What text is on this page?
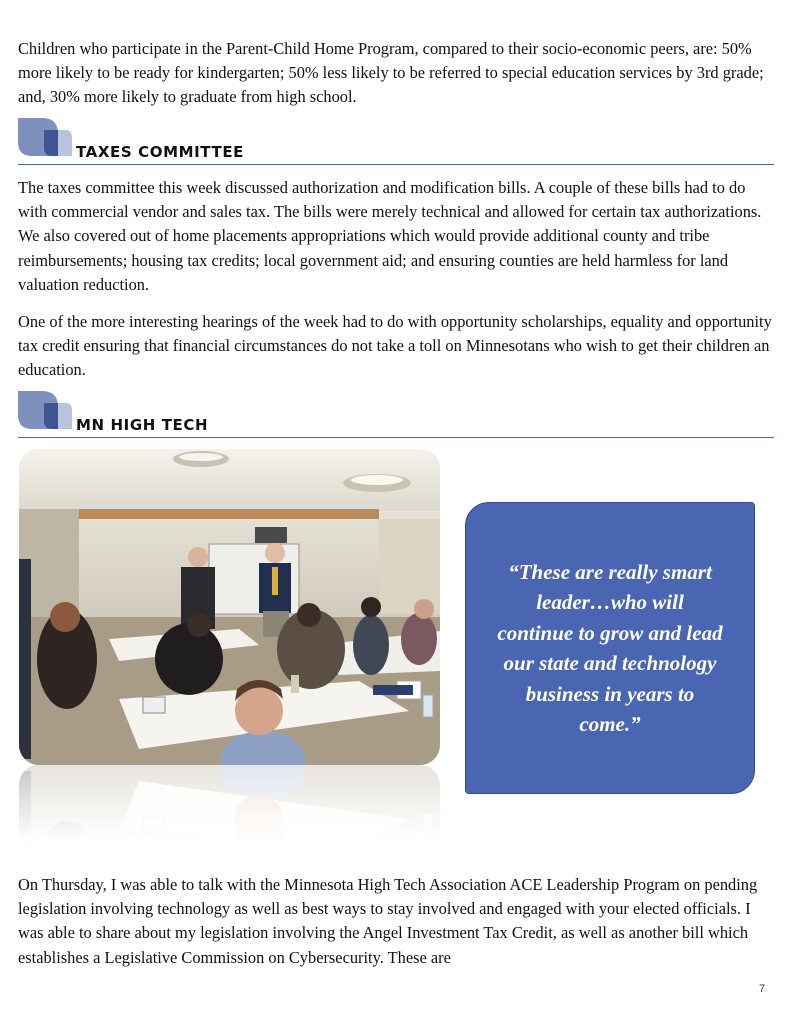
Children who participate in the Parent-Child Home Program, compared to their socio-economic peers, are: 50% more likely to be ready for kindergarten; 50% less likely to be referred to special education services by 3rd grade; and, 30% more likely to graduate from high school.

TAXES COMMITTEE

The taxes committee this week discussed authorization and modification bills. A couple of these bills had to do with commercial vendor and sales tax. The bills were merely technical and allowed for certain tax authorizations. We also covered out of home placements appropriations which would provide additional county and tribe reimbursements; housing tax credits; local government aid; and ensuring counties are held harmless for land valuation reduction.

One of the more interesting hearings of the week had to do with opportunity scholarships, equality and opportunity tax credit ensuring that financial circumstances do not take a toll on Minnesotans who wish to get their children an education.

MN HIGH TECH

“These are really smart leader…who will continue to grow and lead our state and technology business in years to come.”

On Thursday, I was able to talk with the Minnesota High Tech Association ACE Leadership Program on pending legislation involving technology as well as best ways to stay involved and engaged with your elected officials. I was able to share about my legislation involving the Angel Investment Tax Credit, as well as another bill which establishes a Legislative Commission on Cybersecurity. These are

7
